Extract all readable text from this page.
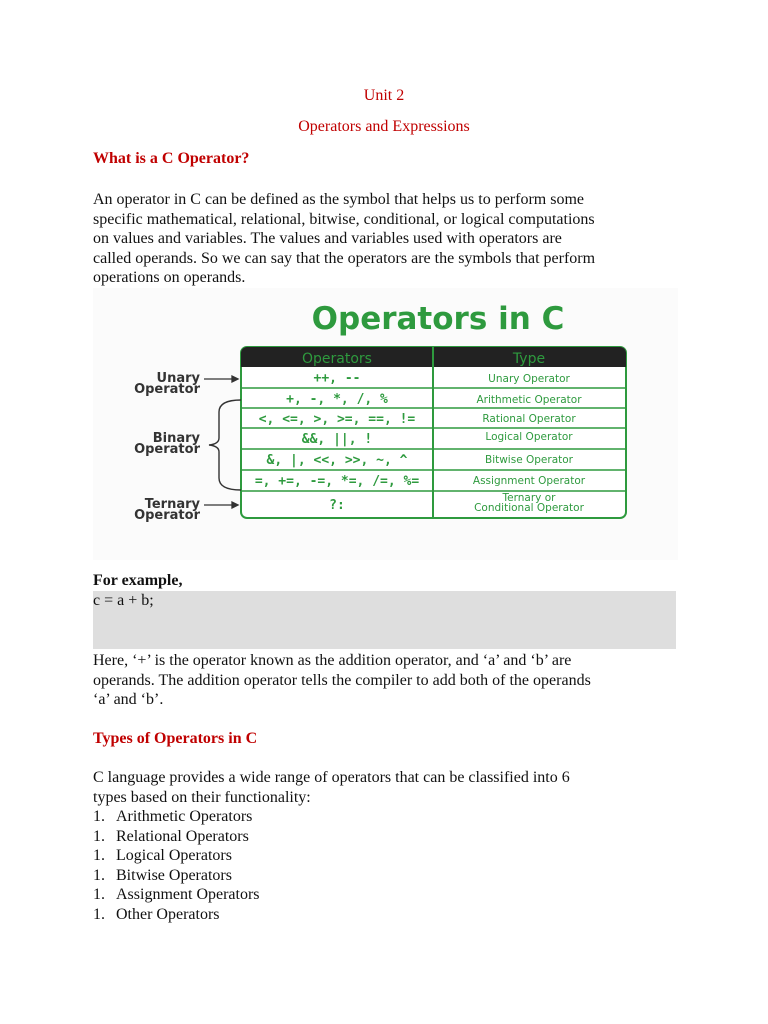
Unit 2
Operators and Expressions
What is a C Operator?
An operator in C can be defined as the symbol that helps us to perform some
specific mathematical, relational, bitwise, conditional, or logical computations
on values and variables. The values and variables used with operators are
called operands. So we can say that the operators are the symbols that perform
operations on operands.
Operators in C
Operators	Type
++, --
+, -, *, /, %
<, <=, >, >=, ==, !=
&&, ||, !
&, |, <<, >>, ~, ^
=, +=, -=, *=, /=, %=
?:
Unary Operator
Arithmetic Operator
Rational Operator
Logical Operator
Bitwise Operator
Assignment Operator
Ternary or
Conditional Operator
Unary
Operator
Binary
Operator
Ternary
Operator
For example,
c = a + b;
Here, ‘+’ is the operator known as the addition operator, and ‘a’ and ‘b’ are
operands. The addition operator tells the compiler to add both of the operands
‘a’ and ‘b’.
Types of Operators in C
C language provides a wide range of operators that can be classified into 6
types based on their functionality:
1. Arithmetic Operators
1. Relational Operators
1. Logical Operators
1. Bitwise Operators
1. Assignment Operators
1. Other Operators
